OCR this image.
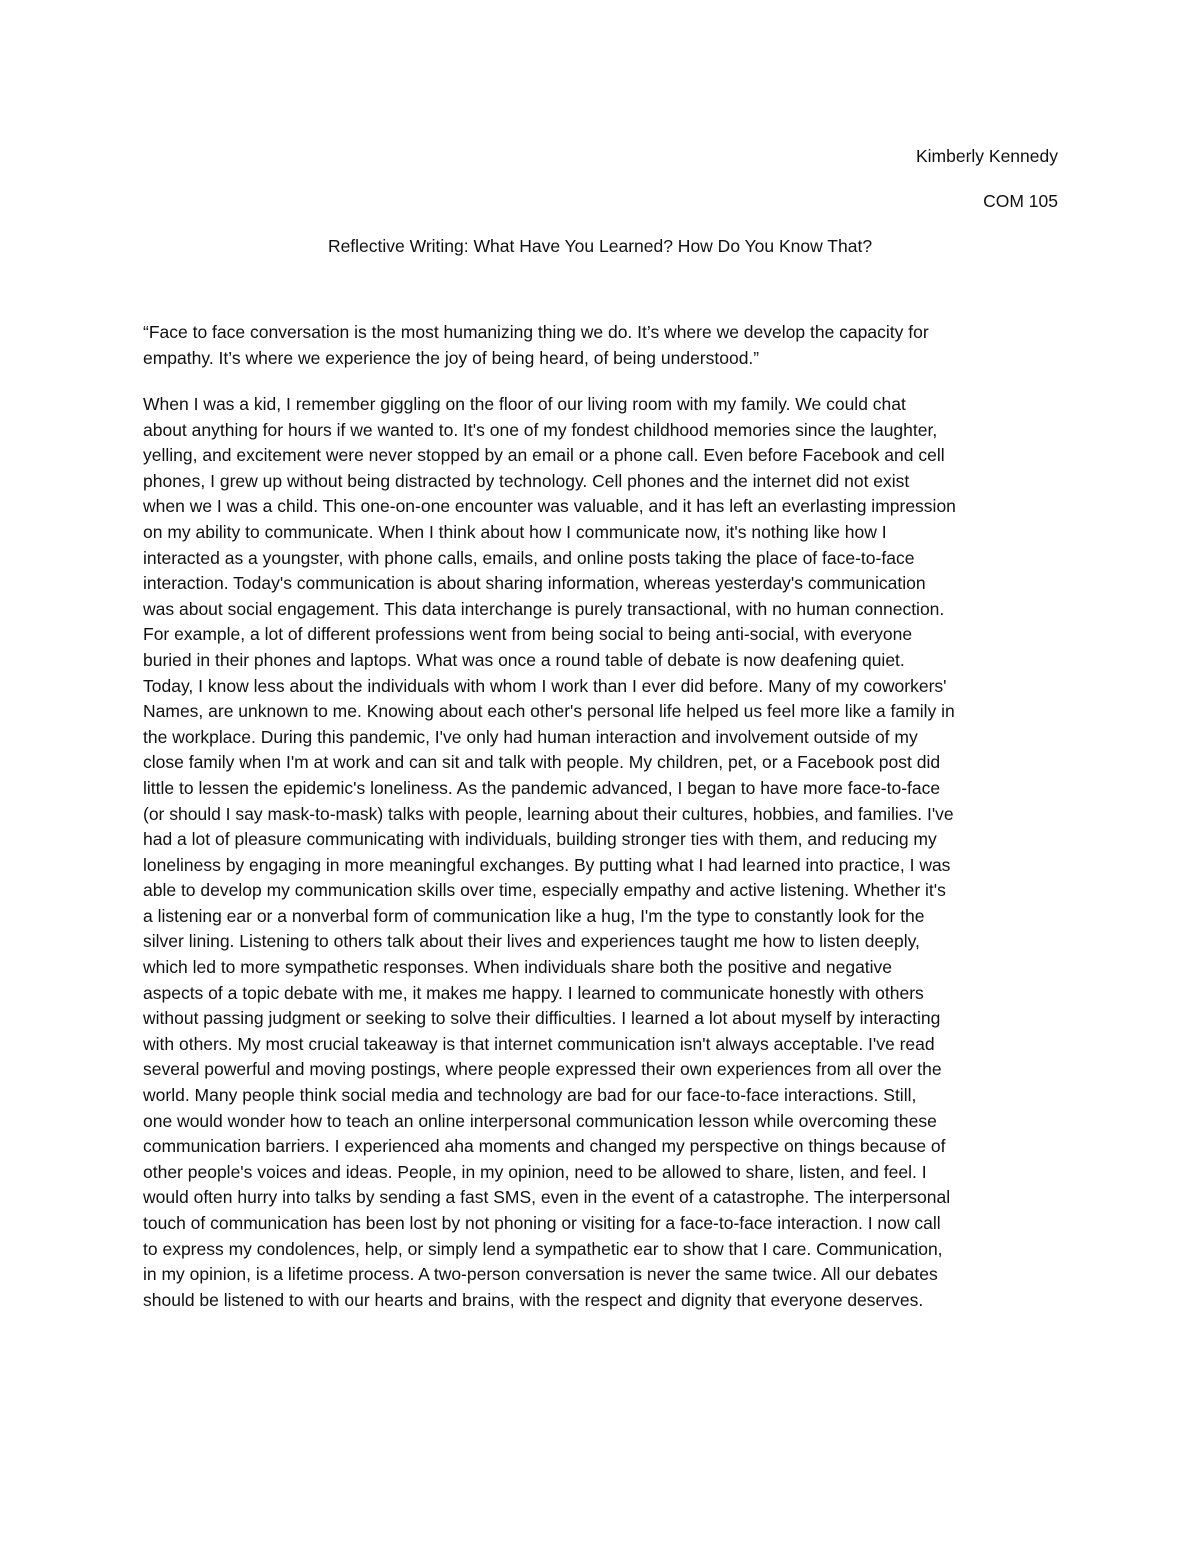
Kimberly Kennedy
COM 105
Reflective Writing: What Have You Learned? How Do You Know That?

“Face to face conversation is the most humanizing thing we do. It’s where we develop the capacity for
empathy. It’s where we experience the joy of being heard, of being understood.”

When I was a kid, I remember giggling on the floor of our living room with my family. We could chat
about anything for hours if we wanted to. It's one of my fondest childhood memories since the laughter,
yelling, and excitement were never stopped by an email or a phone call. Even before Facebook and cell
phones, I grew up without being distracted by technology. Cell phones and the internet did not exist
when we I was a child. This one-on-one encounter was valuable, and it has left an everlasting impression
on my ability to communicate. When I think about how I communicate now, it's nothing like how I
interacted as a youngster, with phone calls, emails, and online posts taking the place of face-to-face
interaction. Today's communication is about sharing information, whereas yesterday's communication
was about social engagement. This data interchange is purely transactional, with no human connection.
For example, a lot of different professions went from being social to being anti-social, with everyone
buried in their phones and laptops. What was once a round table of debate is now deafening quiet.
Today, I know less about the individuals with whom I work than I ever did before. Many of my coworkers'
Names, are unknown to me. Knowing about each other's personal life helped us feel more like a family in
the workplace. During this pandemic, I've only had human interaction and involvement outside of my
close family when I'm at work and can sit and talk with people. My children, pet, or a Facebook post did
little to lessen the epidemic's loneliness. As the pandemic advanced, I began to have more face-to-face
(or should I say mask-to-mask) talks with people, learning about their cultures, hobbies, and families. I've
had a lot of pleasure communicating with individuals, building stronger ties with them, and reducing my
loneliness by engaging in more meaningful exchanges. By putting what I had learned into practice, I was
able to develop my communication skills over time, especially empathy and active listening. Whether it's
a listening ear or a nonverbal form of communication like a hug, I'm the type to constantly look for the
silver lining. Listening to others talk about their lives and experiences taught me how to listen deeply,
which led to more sympathetic responses. When individuals share both the positive and negative
aspects of a topic debate with me, it makes me happy. I learned to communicate honestly with others
without passing judgment or seeking to solve their difficulties. I learned a lot about myself by interacting
with others. My most crucial takeaway is that internet communication isn't always acceptable. I've read
several powerful and moving postings, where people expressed their own experiences from all over the
world. Many people think social media and technology are bad for our face-to-face interactions. Still,
one would wonder how to teach an online interpersonal communication lesson while overcoming these
communication barriers. I experienced aha moments and changed my perspective on things because of
other people's voices and ideas. People, in my opinion, need to be allowed to share, listen, and feel. I
would often hurry into talks by sending a fast SMS, even in the event of a catastrophe. The interpersonal
touch of communication has been lost by not phoning or visiting for a face-to-face interaction. I now call
to express my condolences, help, or simply lend a sympathetic ear to show that I care. Communication,
in my opinion, is a lifetime process. A two-person conversation is never the same twice. All our debates
should be listened to with our hearts and brains, with the respect and dignity that everyone deserves.
